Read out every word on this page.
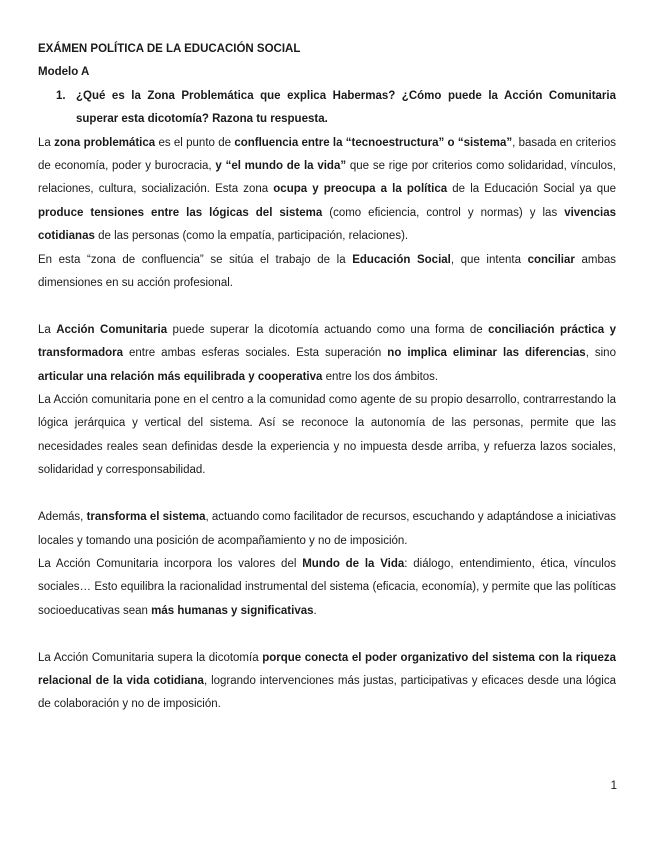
EXÁMEN POLÍTICA DE LA EDUCACIÓN SOCIAL

Modelo A

1. ¿Qué es la Zona Problemática que explica Habermas? ¿Cómo puede la Acción Comunitaria superar esta dicotomía? Razona tu respuesta.

La zona problemática es el punto de confluencia entre la “tecnoestructura” o “sistema”, basada en criterios de economía, poder y burocracia, y “el mundo de la vida” que se rige por criterios como solidaridad, vínculos, relaciones, cultura, socialización. Esta zona ocupa y preocupa a la política de la Educación Social ya que produce tensiones entre las lógicas del sistema (como eficiencia, control y normas) y las vivencias cotidianas de las personas (como la empatía, participación, relaciones).

En esta “zona de confluencia” se sitúa el trabajo de la Educación Social, que intenta conciliar ambas dimensiones en su acción profesional.

La Acción Comunitaria puede superar la dicotomía actuando como una forma de conciliación práctica y transformadora entre ambas esferas sociales. Esta superación no implica eliminar las diferencias, sino articular una relación más equilibrada y cooperativa entre los dos ámbitos.

La Acción comunitaria pone en el centro a la comunidad como agente de su propio desarrollo, contrarrestando la lógica jerárquica y vertical del sistema. Así se reconoce la autonomía de las personas, permite que las necesidades reales sean definidas desde la experiencia y no impuesta desde arriba, y refuerza lazos sociales, solidaridad y corresponsabilidad.

Además, transforma el sistema, actuando como facilitador de recursos, escuchando y adaptándose a iniciativas locales y tomando una posición de acompañamiento y no de imposición.

La Acción Comunitaria incorpora los valores del Mundo de la Vida: diálogo, entendimiento, ética, vínculos sociales… Esto equilibra la racionalidad instrumental del sistema (eficacia, economía), y permite que las políticas socioeducativas sean más humanas y significativas.

La Acción Comunitaria supera la dicotomía porque conecta el poder organizativo del sistema con la riqueza relacional de la vida cotidiana, logrando intervenciones más justas, participativas y eficaces desde una lógica de colaboración y no de imposición.

1
